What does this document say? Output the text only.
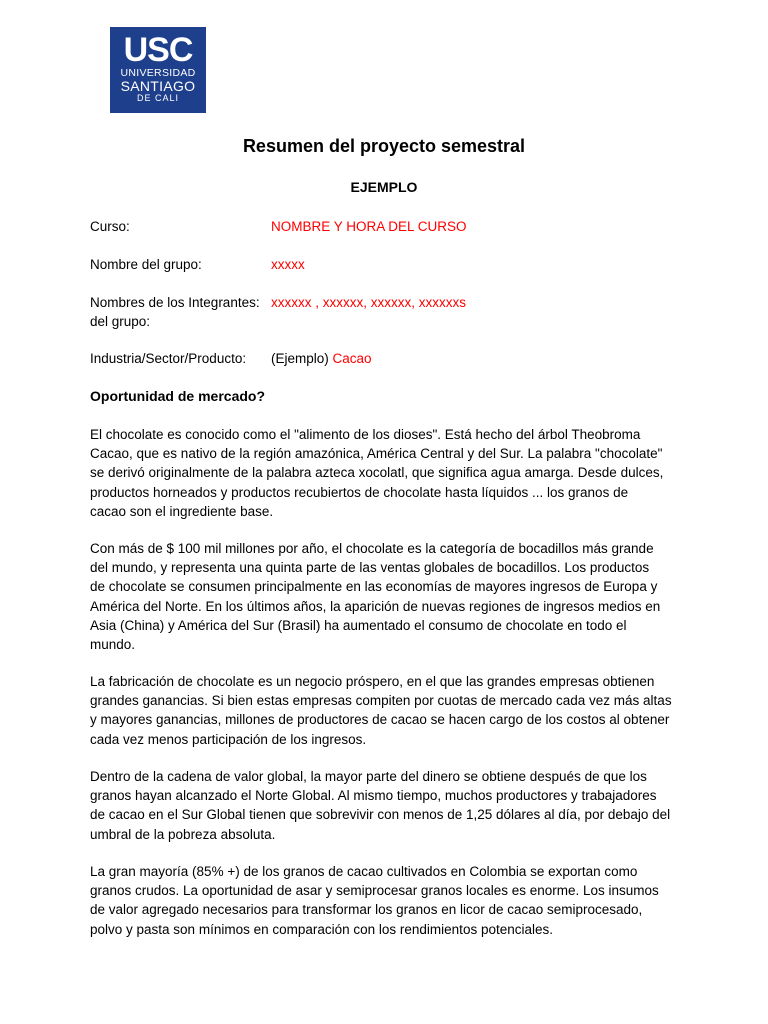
USC
UNIVERSIDAD
SANTIAGO
DE CALI
Resumen del proyecto semestral
EJEMPLO
Curso:	NOMBRE Y HORA DEL CURSO
Nombre del grupo:	xxxxx
Nombres de los Integrantes:
del grupo:
xxxxxx , xxxxxx, xxxxxx, xxxxxxs
Industria/Sector/Producto: (Ejemplo) Cacao
Oportunidad de mercado?
El chocolate es conocido como el "alimento de los dioses". Está hecho del árbol Theobroma
Cacao, que es nativo de la región amazónica, América Central y del Sur. La palabra "chocolate"
se derivó originalmente de la palabra azteca xocolatl, que significa agua amarga. Desde dulces,
productos horneados y productos recubiertos de chocolate hasta líquidos ... los granos de
cacao son el ingrediente base.
Con más de $ 100 mil millones por año, el chocolate es la categoría de bocadillos más grande
del mundo, y representa una quinta parte de las ventas globales de bocadillos. Los productos
de chocolate se consumen principalmente en las economías de mayores ingresos de Europa y
América del Norte. En los últimos años, la aparición de nuevas regiones de ingresos medios en
Asia (China) y América del Sur (Brasil) ha aumentado el consumo de chocolate en todo el
mundo.
La fabricación de chocolate es un negocio próspero, en el que las grandes empresas obtienen
grandes ganancias. Si bien estas empresas compiten por cuotas de mercado cada vez más altas
y mayores ganancias, millones de productores de cacao se hacen cargo de los costos al obtener
cada vez menos participación de los ingresos.
Dentro de la cadena de valor global, la mayor parte del dinero se obtiene después de que los
granos hayan alcanzado el Norte Global. Al mismo tiempo, muchos productores y trabajadores
de cacao en el Sur Global tienen que sobrevivir con menos de 1,25 dólares al día, por debajo del
umbral de la pobreza absoluta.
La gran mayoría (85% +) de los granos de cacao cultivados en Colombia se exportan como
granos crudos. La oportunidad de asar y semiprocesar granos locales es enorme. Los insumos
de valor agregado necesarios para transformar los granos en licor de cacao semiprocesado,
polvo y pasta son mínimos en comparación con los rendimientos potenciales.
